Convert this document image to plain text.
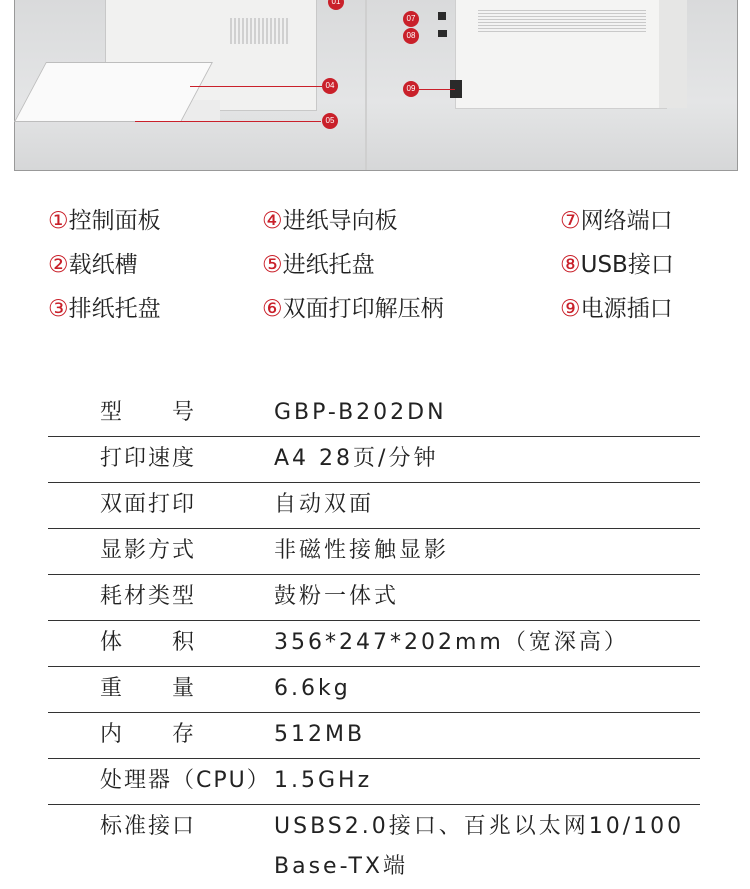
01
04
05
07
08
09
①控制面板
②载纸槽
③排纸托盘
④进纸导向板
⑤进纸托盘
⑥双面打印解压柄
⑦网络端口
⑧USB接口
⑨电源插口
型　　号	GBP-B202DN
打印速度	A4 28页/分钟
双面打印	自动双面
显影方式	非磁性接触显影
耗材类型	鼓粉一体式
体　　积	356*247*202mm（宽深高）
重　　量	6.6kg
内　　存	512MB
处理器（CPU） 1.5GHz
标准接口	USBS2.0接口、百兆以太网10/100
Base-TX端
